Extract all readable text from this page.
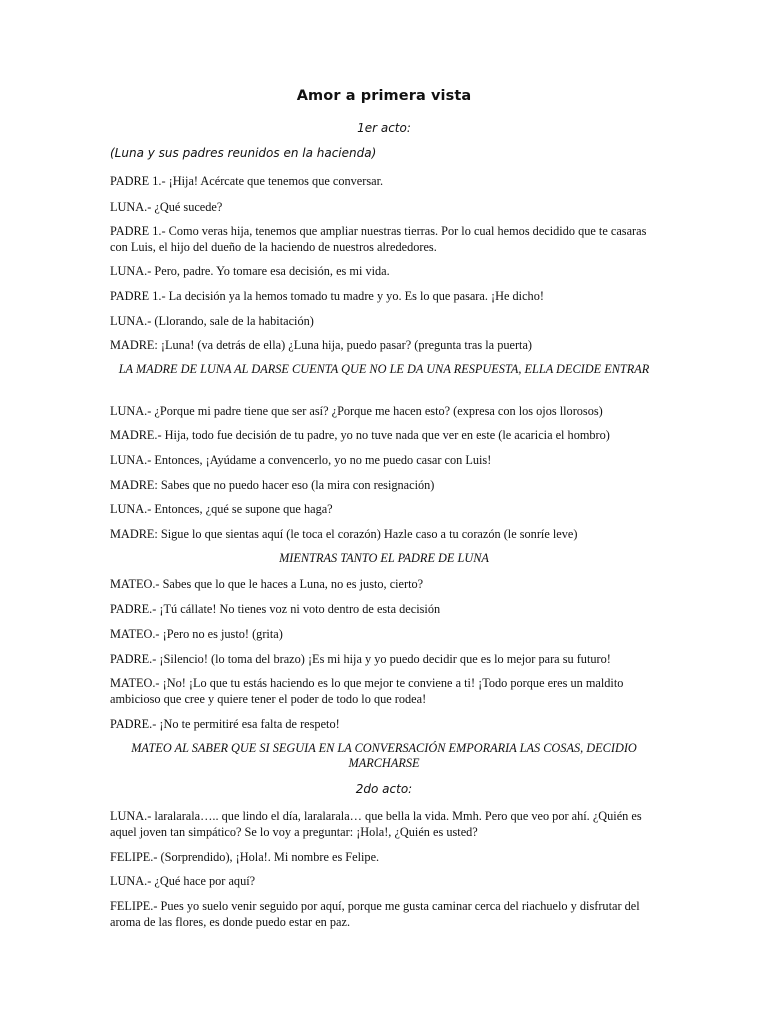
Amor a primera vista
1er acto:
(Luna y sus padres reunidos en la hacienda)
PADRE 1.- ¡Hija! Acércate que tenemos que conversar.
LUNA.- ¿Qué sucede?
PADRE 1.- Como veras hija, tenemos que ampliar nuestras tierras. Por lo cual hemos decidido que te casaras con Luis, el hijo del dueño de la haciendo de nuestros alrededores.
LUNA.- Pero, padre. Yo tomare esa decisión, es mi vida.
PADRE 1.- La decisión ya la hemos tomado tu madre y yo. Es lo que pasara. ¡He dicho!
LUNA.- (Llorando, sale de la habitación)
MADRE: ¡Luna! (va detrás de ella) ¿Luna hija, puedo pasar? (pregunta tras la puerta)
LA MADRE DE LUNA AL DARSE CUENTA QUE NO LE DA UNA RESPUESTA, ELLA DECIDE ENTRAR
LUNA.- ¿Porque mi padre tiene que ser así? ¿Porque me hacen esto? (expresa con los ojos llorosos)
MADRE.- Hija, todo fue decisión de tu padre, yo no tuve nada que ver en este (le acaricia el hombro)
LUNA.- Entonces, ¡Ayúdame a convencerlo, yo no me puedo casar con Luis!
MADRE: Sabes que no puedo hacer eso (la mira con resignación)
LUNA.- Entonces, ¿qué se supone que haga?
MADRE: Sigue lo que sientas aquí (le toca el corazón) Hazle caso a tu corazón (le sonríe leve)
MIENTRAS TANTO EL PADRE DE LUNA
MATEO.- Sabes que lo que le haces a Luna, no es justo, cierto?
PADRE.- ¡Tú cállate! No tienes voz ni voto dentro de esta decisión
MATEO.- ¡Pero no es justo! (grita)
PADRE.- ¡Silencio! (lo toma del brazo) ¡Es mi hija y yo puedo decidir que es lo mejor para su futuro!
MATEO.- ¡No! ¡Lo que tu estás haciendo es lo que mejor te conviene a ti! ¡Todo porque eres un maldito ambicioso que cree y quiere tener el poder de todo lo que rodea!
PADRE.- ¡No te permitiré esa falta de respeto!
MATEO AL SABER QUE SI SEGUIA EN LA CONVERSACIÓN EMPORARIA LAS COSAS, DECIDIO MARCHARSE
2do acto:
LUNA.- laralarala….. que lindo el día, laralarala… que bella la vida. Mmh. Pero que veo por ahí. ¿Quién es aquel joven tan simpático? Se lo voy a preguntar: ¡Hola!, ¿Quién es usted?
FELIPE.- (Sorprendido), ¡Hola!. Mi nombre es Felipe.
LUNA.- ¿Qué hace por aquí?
FELIPE.- Pues yo suelo venir seguido por aquí, porque me gusta caminar cerca del riachuelo y disfrutar del aroma de las flores, es donde puedo estar en paz.
